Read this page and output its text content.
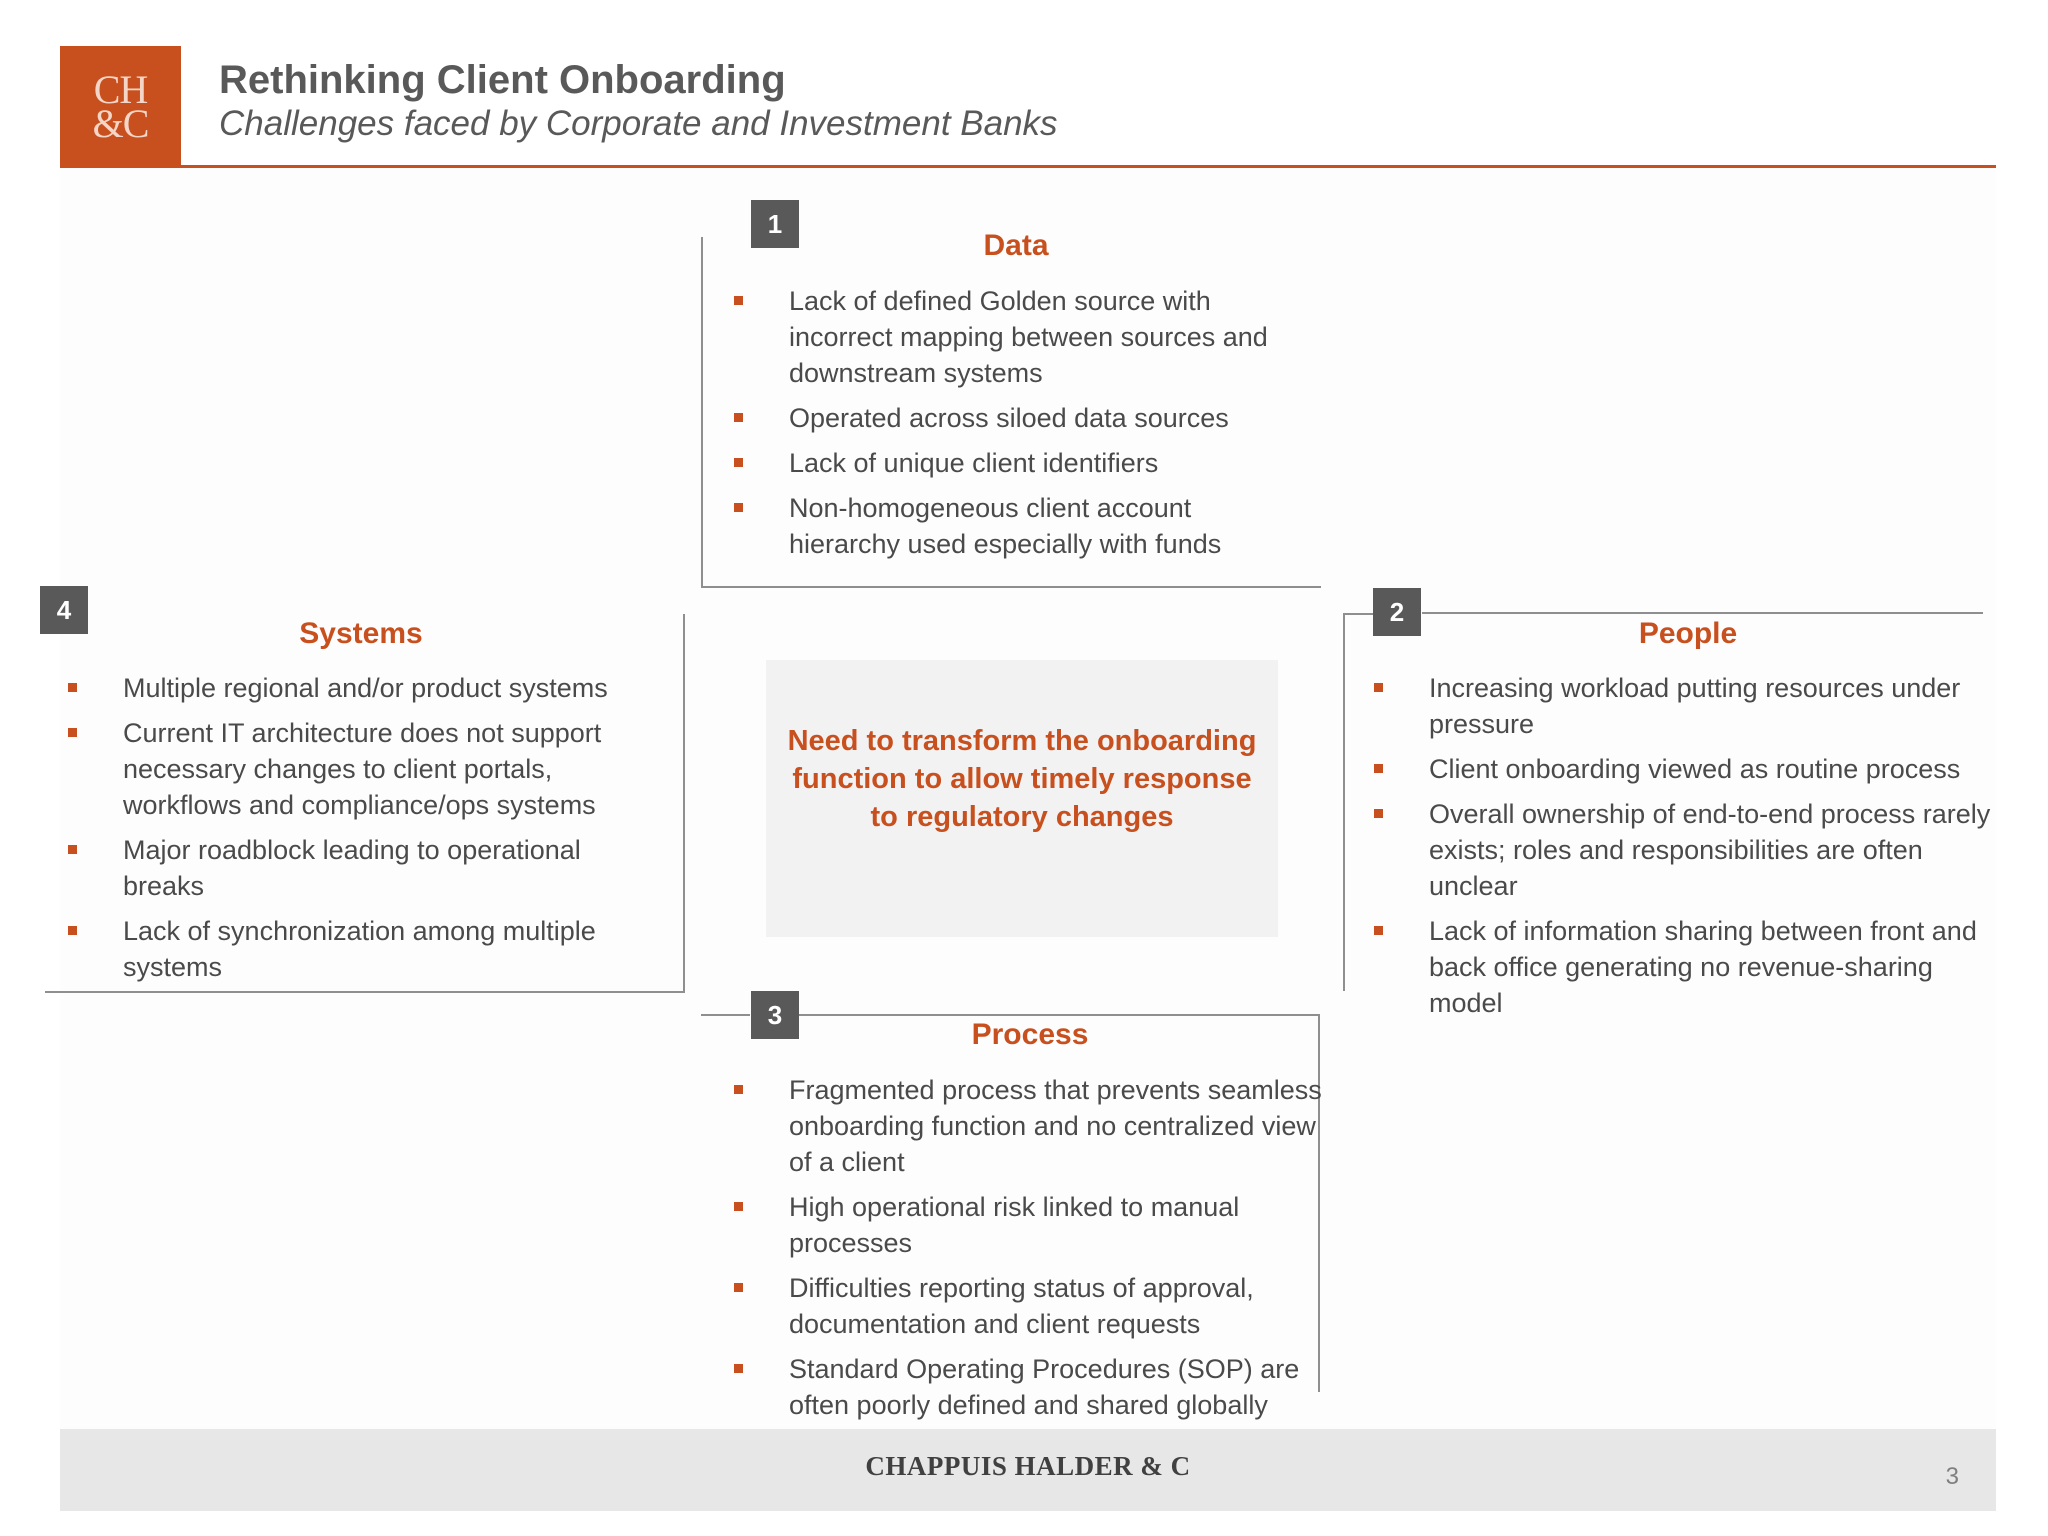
CH
&C
Rethinking Client Onboarding
Challenges faced by Corporate and Investment Banks
1
2
3
4
Data
Lack of defined Golden source with incorrect mapping between sources and downstream systems
Operated across siloed data sources
Lack of unique client identifiers
Non-homogeneous client account hierarchy used especially with funds
Systems
Multiple regional and/or product systems
Current IT architecture does not support necessary changes to client portals, workflows and compliance/ops systems
Major roadblock leading to operational breaks
Lack of synchronization among multiple systems
People
Increasing workload putting resources under pressure
Client onboarding viewed as routine process
Overall ownership of end-to-end process rarely exists; roles and responsibilities are often unclear
Lack of information sharing between front and back office generating no revenue-sharing model
Process
Fragmented process that prevents seamless onboarding function and no centralized view of a client
High operational risk linked to manual processes
Difficulties reporting status of approval, documentation and client requests
Standard Operating Procedures (SOP) are often poorly defined and shared globally
Need to transform the onboarding function to allow timely response to regulatory changes
CHAPPUIS HALDER & C	3
